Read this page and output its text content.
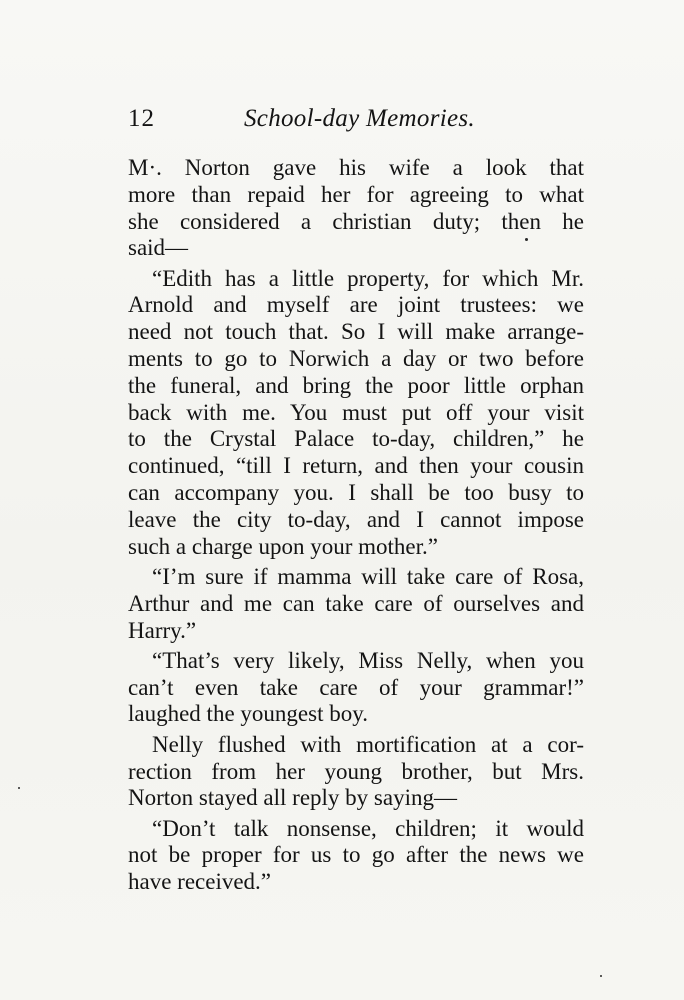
12	School-day Memories.
M·. Norton gave his wife a look that
more than repaid her for agreeing to what
she considered a christian duty; then he
said—
“Edith has a little property, for which Mr.
Arnold and myself are joint trustees: we
need not touch that. So I will make arrange-
ments to go to Norwich a day or two before
the funeral, and bring the poor little orphan
back with me. You must put off your visit
to the Crystal Palace to-day, children,” he
continued, “till I return, and then your cousin
can accompany you. I shall be too busy to
leave the city to-day, and I cannot impose
such a charge upon your mother.”
“I’m sure if mamma will take care of Rosa,
Arthur and me can take care of ourselves and
Harry.”
“That’s very likely, Miss Nelly, when you
can’t even take care of your grammar!”
laughed the youngest boy.
Nelly flushed with mortification at a cor-
rection from her young brother, but Mrs.
Norton stayed all reply by saying—
“Don’t talk nonsense, children; it would
not be proper for us to go after the news we
have received.”
